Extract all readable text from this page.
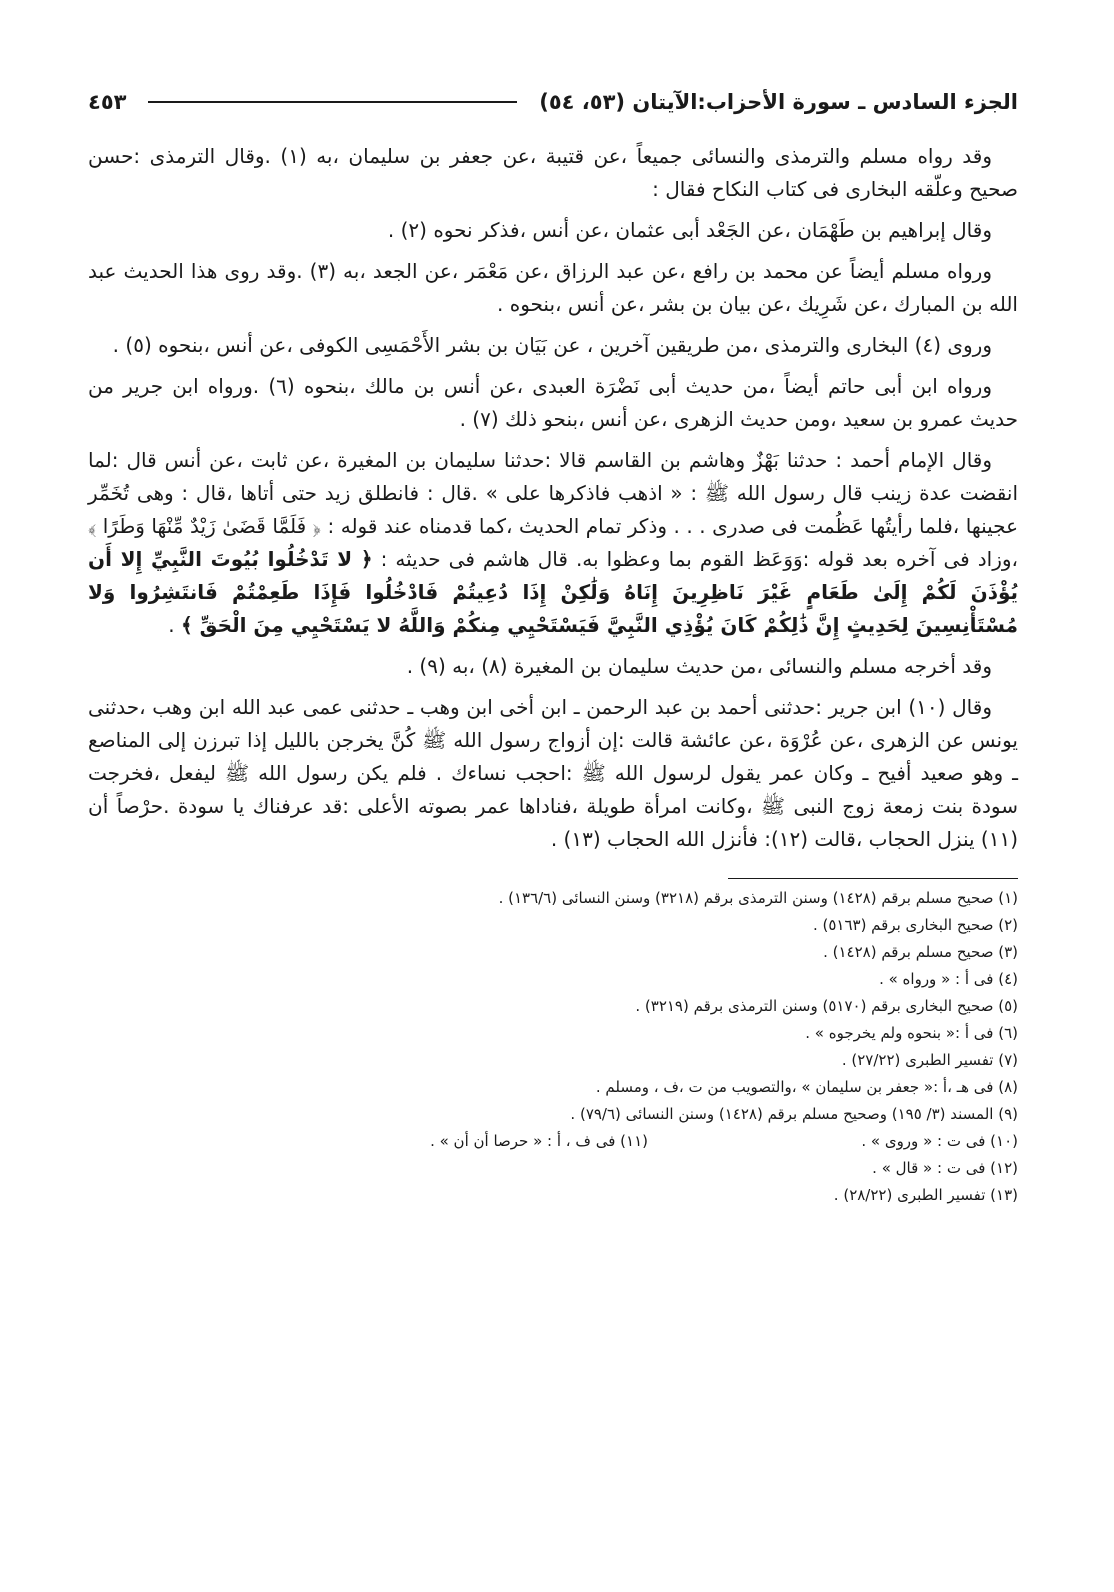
الجزء السادس ـ سورة الأحزاب:الآيتان (٥٣، ٥٤)
٤٥٣

وقد رواه مسلم والترمذى والنسائى جميعاً ،عن قتيبة ،عن جعفر بن سليمان ،به (١) .وقال الترمذى :حسن صحيح وعلّقه البخارى فى كتاب النكاح فقال :

وقال إبراهيم بن طَهْمَان ،عن الجَعْد أبى عثمان ،عن أنس ،فذكر نحوه (٢) .

ورواه مسلم أيضاً عن محمد بن رافع ،عن عبد الرزاق ،عن مَعْمَر ،عن الجعد ،به (٣) .وقد روى هذا الحديث عبد الله بن المبارك ،عن شَرِيك ،عن بيان بن بشر ،عن أنس ،بنحوه .

وروى (٤) البخارى والترمذى ،من طريقين آخرين ، عن بَيَان بن بشر الأَحْمَسِى الكوفى ،عن أنس ،بنحوه (٥) .

ورواه ابن أبى حاتم أيضاً ،من حديث أبى نَضْرَة العبدى ،عن أنس بن مالك ،بنحوه (٦) .ورواه ابن جرير من حديث عمرو بن سعيد ،ومن حديث الزهرى ،عن أنس ،بنحو ذلك (٧) .

وقال الإمام أحمد : حدثنا بَهْزٌ وهاشم بن القاسم قالا :حدثنا سليمان بن المغيرة ،عن ثابت ،عن أنس قال :لما انقضت عدة زينب قال رسول الله ﷺ : « اذهب فاذكرها على » .قال : فانطلق زيد حتى أتاها ،قال : وهى تُخَمِّر عجينها ،فلما رأيتُها عَظُمت فى صدرى . . . وذكر تمام الحديث ،كما قدمناه عند قوله : ﴿ فَلَمَّا قَضَىٰ زَيْدٌ مِّنْهَا وَطَرًا ﴾ ،وزاد فى آخره بعد قوله :وَوَعَظ القوم بما وعظوا به. قال هاشم فى حديثه : ﴿ لا تَدْخُلُوا بُيُوتَ النَّبِيِّ إِلا أَن يُؤْذَنَ لَكُمْ إِلَىٰ طَعَامٍ غَيْرَ نَاظِرِينَ إِنَاهُ وَلَٰكِنْ إِذَا دُعِيتُمْ فَادْخُلُوا فَإِذَا طَعِمْتُمْ فَانتَشِرُوا وَلا مُسْتَأْنِسِينَ لِحَدِيثٍ إِنَّ ذَٰلِكُمْ كَانَ يُؤْذِي النَّبِيَّ فَيَسْتَحْيِي مِنكُمْ وَاللَّهُ لا يَسْتَحْيِي مِنَ الْحَقِّ ﴾ .

وقد أخرجه مسلم والنسائى ،من حديث سليمان بن المغيرة (٨) ،به (٩) .

وقال (١٠) ابن جرير :حدثنى أحمد بن عبد الرحمن ـ ابن أخى ابن وهب ـ حدثنى عمى عبد الله ابن وهب ،حدثنى يونس عن الزهرى ،عن عُرْوَة ،عن عائشة قالت :إن أزواج رسول الله ﷺ كُنَّ يخرجن بالليل إذا تبرزن إلى المناصع ـ وهو صعيد أفيح ـ وكان عمر يقول لرسول الله ﷺ :احجب نساءك . فلم يكن رسول الله ﷺ ليفعل ،فخرجت سودة بنت زمعة زوج النبى ﷺ ،وكانت امرأة طويلة ،فناداها عمر بصوته الأعلى :قد عرفناك يا سودة .حرْصاً أن (١١) ينزل الحجاب ،قالت (١٢): فأنزل الله الحجاب (١٣) .

(١) صحيح مسلم برقم (١٤٢٨) وسنن الترمذى برقم (٣٢١٨) وسنن النسائى (١٣٦/٦) .
(٢) صحيح البخارى برقم (٥١٦٣) .
(٣) صحيح مسلم برقم (١٤٢٨) .
(٤) فى أ : « ورواه » .
(٥) صحيح البخارى برقم (٥١٧٠) وسنن الترمذى برقم (٣٢١٩) .
(٦) فى أ :« بنحوه ولم يخرجوه » .
(٧) تفسير الطبرى (٢٧/٢٢) .
(٨) فى هـ ،أ :« جعفر بن سليمان » ،والتصويب من ت ،ف ، ومسلم .
(٩) المسند (٣/ ١٩٥) وصحيح مسلم برقم (١٤٢٨) وسنن النسائى (٧٩/٦) .
(١٠) فى ت : « وروى » .
(١١) فى ف ، أ : « حرصا أن أن » .
(١٢) فى ت : « قال » .
(١٣) تفسير الطبرى (٢٨/٢٢) .
